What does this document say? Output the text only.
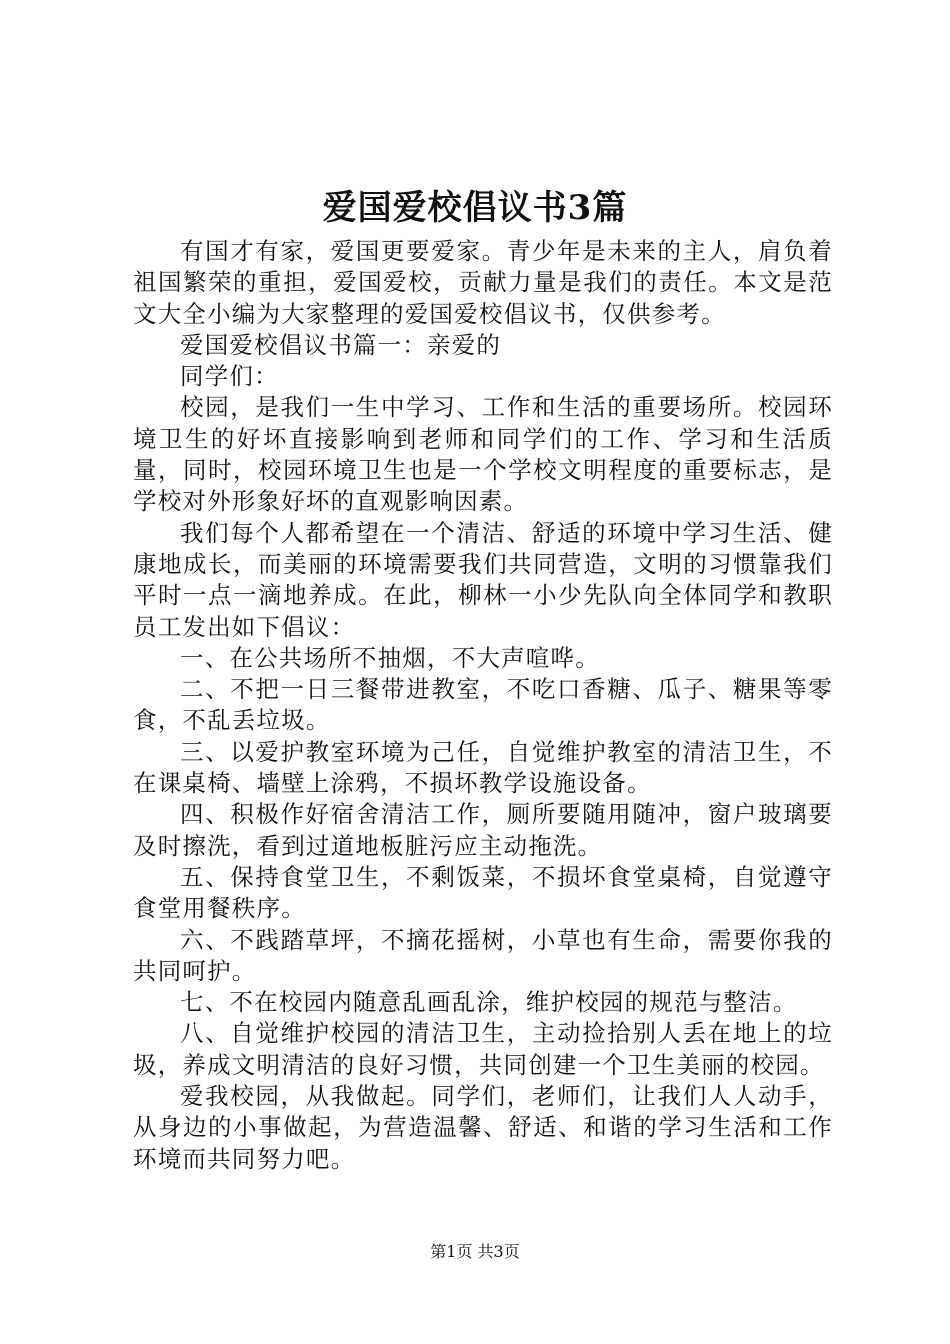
爱国爱校倡议书3篇

有国才有家，爱国更要爱家。青少年是未来的主人，肩负着祖国繁荣的重担，爱国爱校，贡献力量是我们的责任。本文是范文大全小编为大家整理的爱国爱校倡议书，仅供参考。

爱国爱校倡议书篇一：亲爱的

同学们：

校园，是我们一生中学习、工作和生活的重要场所。校园环境卫生的好坏直接影响到老师和同学们的工作、学习和生活质量，同时，校园环境卫生也是一个学校文明程度的重要标志，是学校对外形象好坏的直观影响因素。

我们每个人都希望在一个清洁、舒适的环境中学习生活、健康地成长，而美丽的环境需要我们共同营造，文明的习惯靠我们平时一点一滴地养成。在此，柳林一小少先队向全体同学和教职员工发出如下倡议：

一、在公共场所不抽烟，不大声喧哗。

二、不把一日三餐带进教室，不吃口香糖、瓜子、糖果等零食，不乱丢垃圾。

三、以爱护教室环境为己任，自觉维护教室的清洁卫生，不在课桌椅、墙壁上涂鸦，不损坏教学设施设备。

四、积极作好宿舍清洁工作，厕所要随用随冲，窗户玻璃要及时擦洗，看到过道地板脏污应主动拖洗。

五、保持食堂卫生，不剩饭菜，不损坏食堂桌椅，自觉遵守食堂用餐秩序。

六、不践踏草坪，不摘花摇树，小草也有生命，需要你我的共同呵护。

七、不在校园内随意乱画乱涂，维护校园的规范与整洁。

八、自觉维护校园的清洁卫生，主动捡拾别人丢在地上的垃圾，养成文明清洁的良好习惯，共同创建一个卫生美丽的校园。

爱我校园，从我做起。同学们，老师们，让我们人人动手，从身边的小事做起，为营造温馨、舒适、和谐的学习生活和工作环境而共同努力吧。

第1页 共3页
